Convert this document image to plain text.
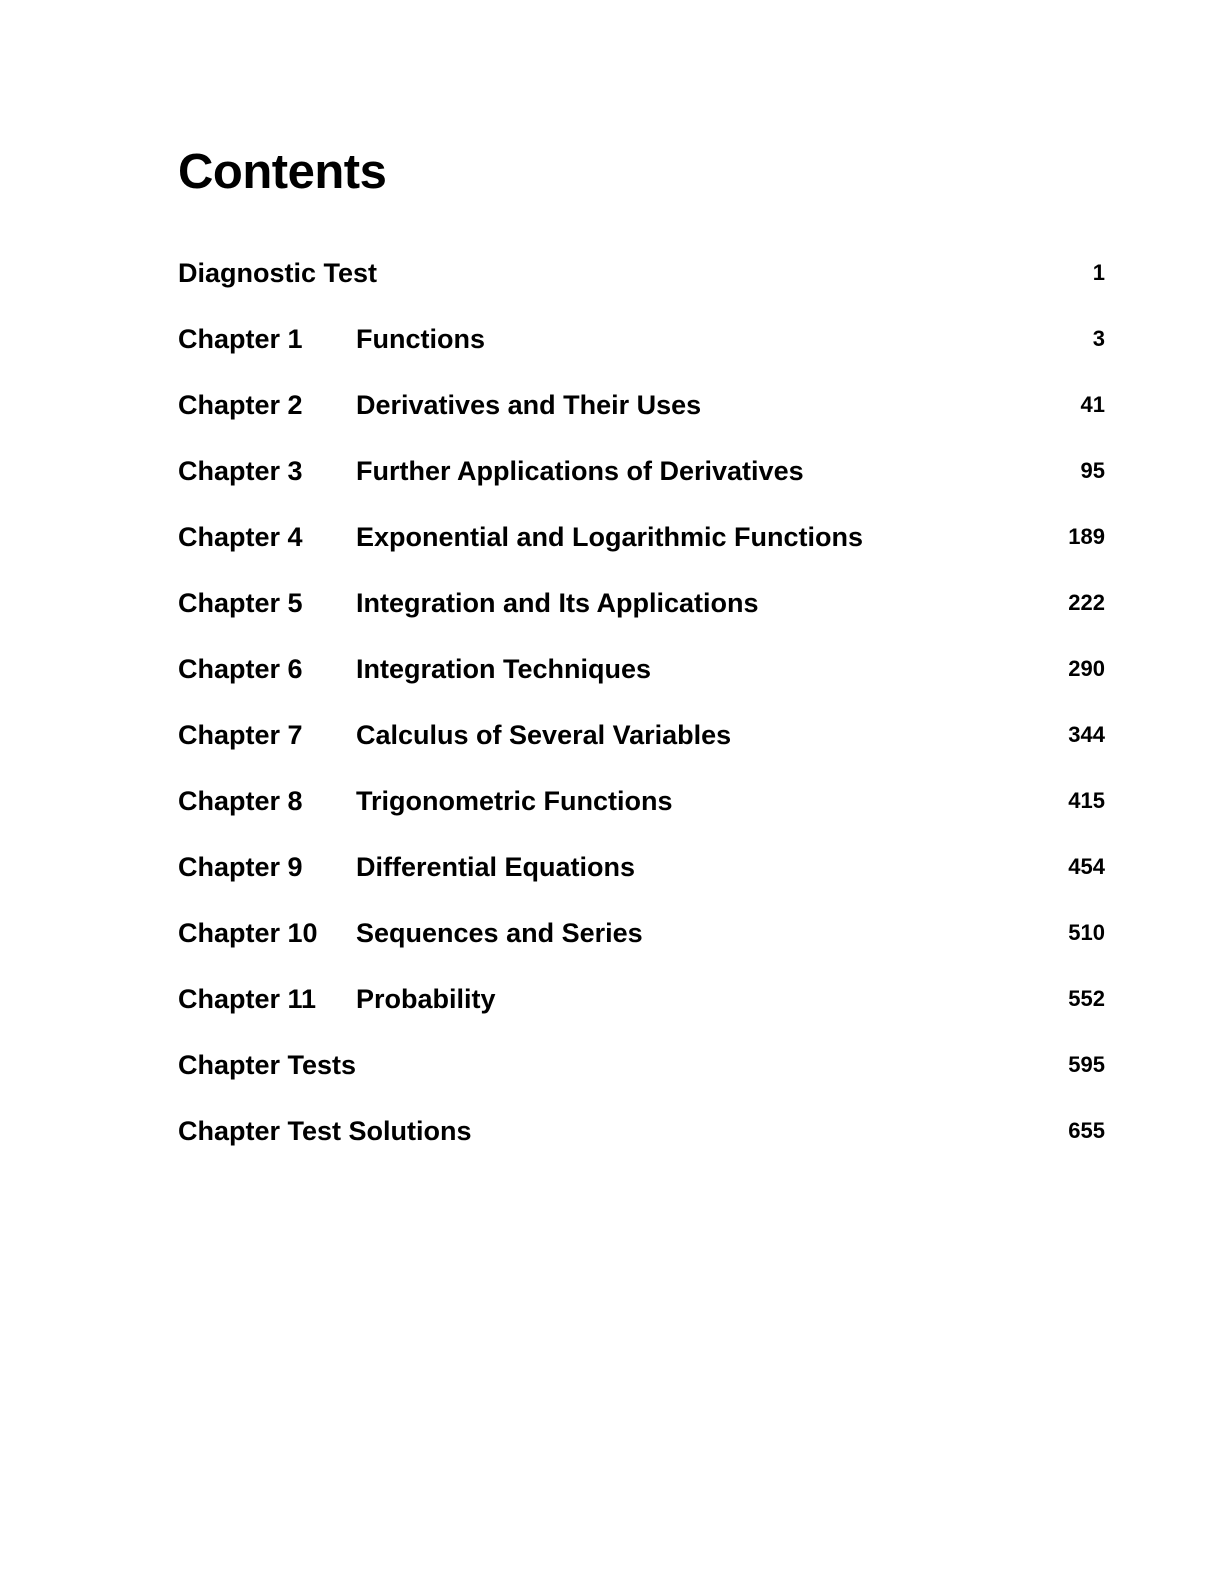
Contents
Diagnostic Test	1
Chapter 1	Functions	3
Chapter 2	Derivatives and Their Uses	41
Chapter 3	Further Applications of Derivatives	95
Chapter 4	Exponential and Logarithmic Functions	189
Chapter 5	Integration and Its Applications	222
Chapter 6	Integration Techniques	290
Chapter 7	Calculus of Several Variables	344
Chapter 8	Trigonometric Functions	415
Chapter 9	Differential Equations	454
Chapter 10	Sequences and Series	510
Chapter 11	Probability	552
Chapter Tests	595
Chapter Test Solutions	655
